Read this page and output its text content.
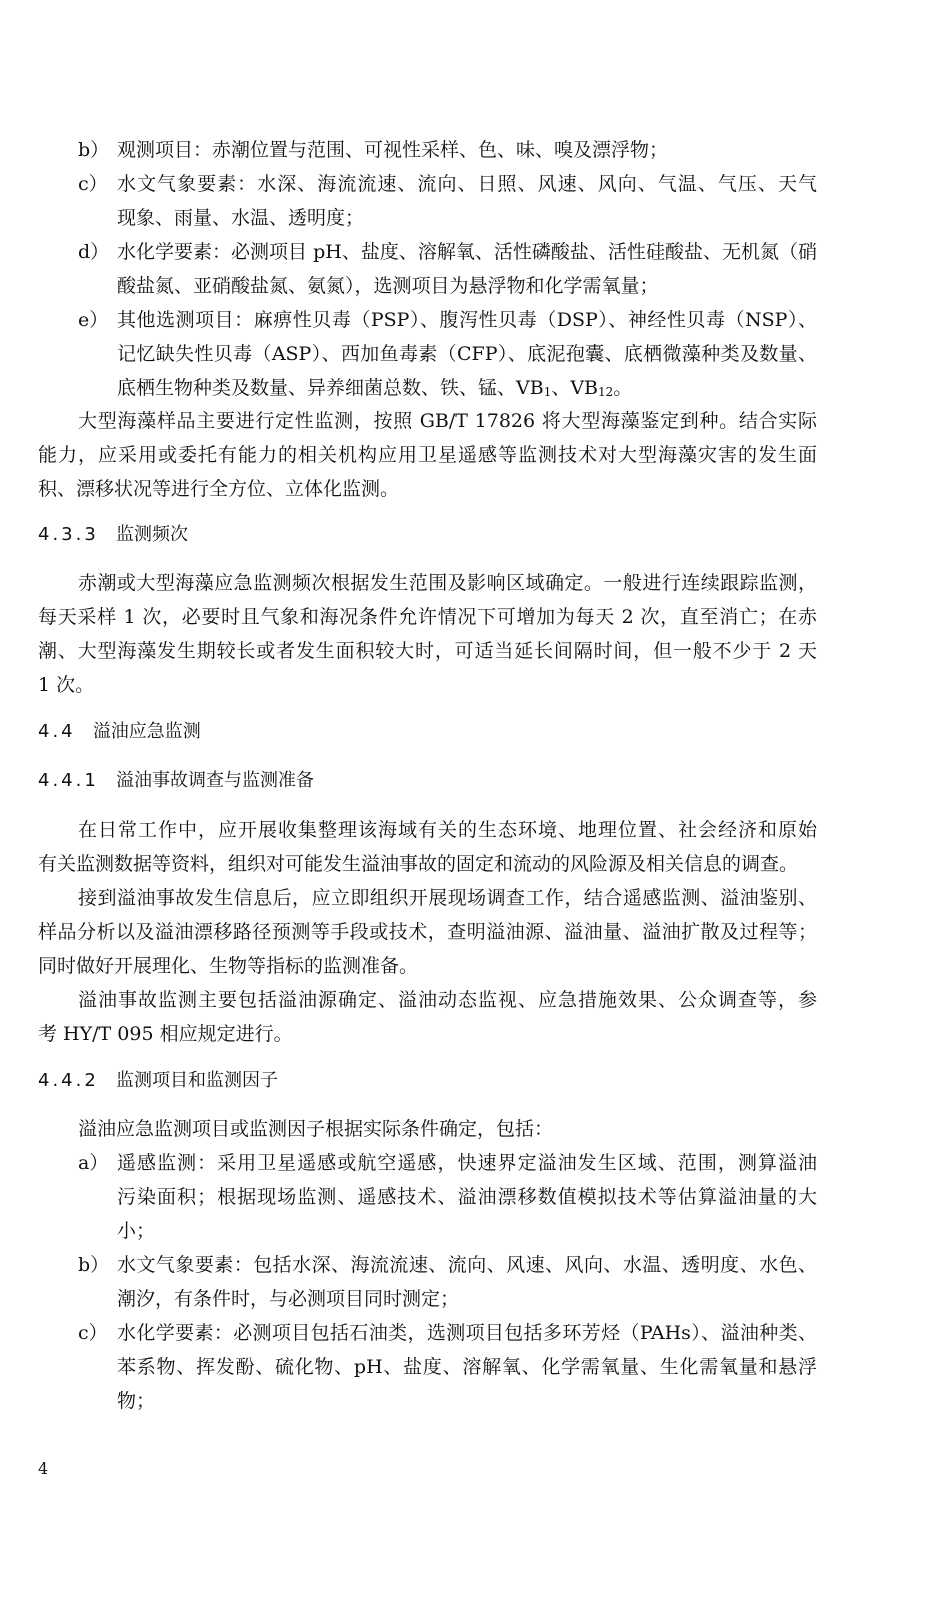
b） 观测项目：赤潮位置与范围、可视性采样、色、味、嗅及漂浮物；
c） 水文气象要素：水深、海流流速、流向、日照、风速、风向、气温、气压、天气
现象、雨量、水温、透明度；
d） 水化学要素：必测项目 pH、盐度、溶解氧、活性磷酸盐、活性硅酸盐、无机氮（硝
酸盐氮、亚硝酸盐氮、氨氮），选测项目为悬浮物和化学需氧量；
e） 其他选测项目：麻痹性贝毒（PSP）、腹泻性贝毒（DSP）、神经性贝毒（NSP）、
记忆缺失性贝毒（ASP）、西加鱼毒素（CFP）、底泥孢囊、底栖微藻种类及数量、
底栖生物种类及数量、异养细菌总数、铁、锰、$VB_1$、$VB_{12}$。
大型海藻样品主要进行定性监测，按照 GB/T 17826 将大型海藻鉴定到种。结合实际
能力，应采用或委托有能力的相关机构应用卫星遥感等监测技术对大型海藻灾害的发生面
积、漂移状况等进行全方位、立体化监测。
4.3.3 监测频次
赤潮或大型海藻应急监测频次根据发生范围及影响区域确定。一般进行连续跟踪监测，
每天采样 1 次，必要时且气象和海况条件允许情况下可增加为每天 2 次，直至消亡；在赤
潮、大型海藻发生期较长或者发生面积较大时，可适当延长间隔时间，但一般不少于 2 天
1 次。
4.4 溢油应急监测
4.4.1 溢油事故调查与监测准备
在日常工作中，应开展收集整理该海域有关的生态环境、地理位置、社会经济和原始
有关监测数据等资料，组织对可能发生溢油事故的固定和流动的风险源及相关信息的调查。
接到溢油事故发生信息后，应立即组织开展现场调查工作，结合遥感监测、溢油鉴别、
样品分析以及溢油漂移路径预测等手段或技术，查明溢油源、溢油量、溢油扩散及过程等；
同时做好开展理化、生物等指标的监测准备。
溢油事故监测主要包括溢油源确定、溢油动态监视、应急措施效果、公众调查等，参
考 HY/T 095 相应规定进行。
4.4.2 监测项目和监测因子
溢油应急监测项目或监测因子根据实际条件确定，包括：
a） 遥感监测：采用卫星遥感或航空遥感，快速界定溢油发生区域、范围，测算溢油
污染面积；根据现场监测、遥感技术、溢油漂移数值模拟技术等估算溢油量的大
小；
b） 水文气象要素：包括水深、海流流速、流向、风速、风向、水温、透明度、水色、
潮汐，有条件时，与必测项目同时测定；
c） 水化学要素：必测项目包括石油类，选测项目包括多环芳烃（PAHs）、溢油种类、
苯系物、挥发酚、硫化物、pH、盐度、溶解氧、化学需氧量、生化需氧量和悬浮
物；
4
